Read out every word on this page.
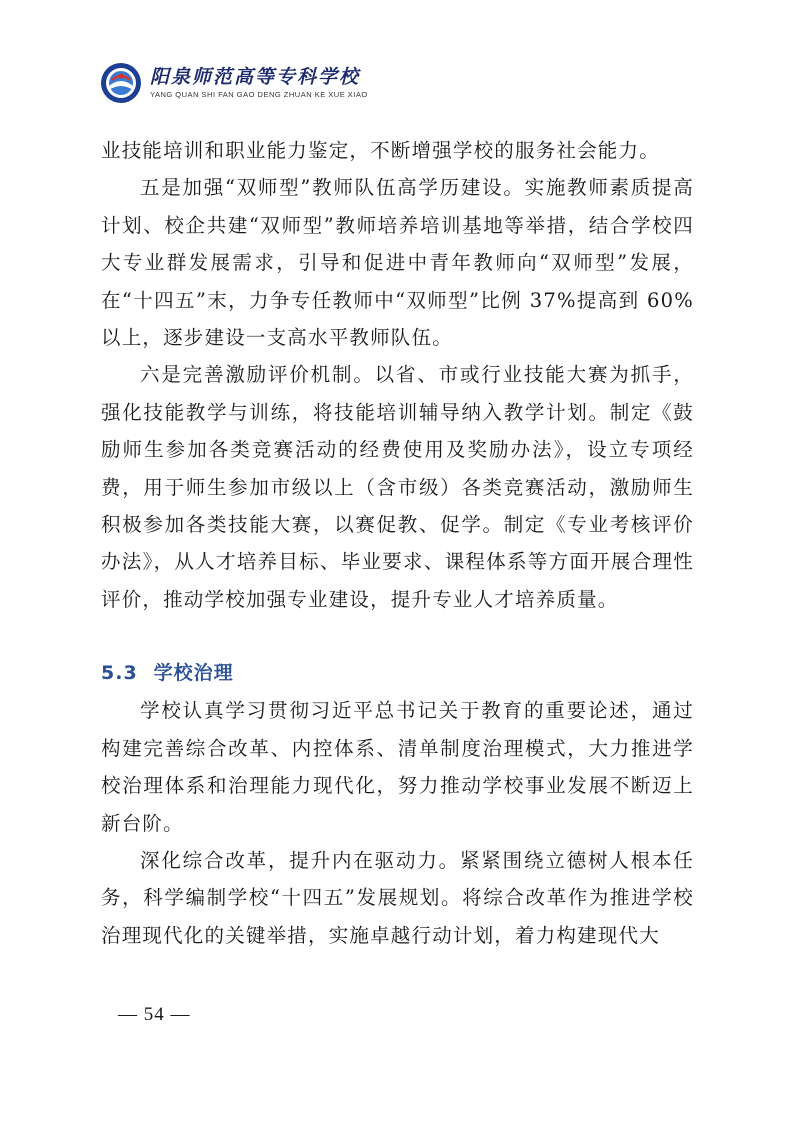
阳泉师范高等专科学校
YANG QUAN SHI FAN GAO DENG ZHUAN KE XUE XIAO

业技能培训和职业能力鉴定，不断增强学校的服务社会能力。

五是加强“双师型”教师队伍高学历建设。实施教师素质提高计划、校企共建“双师型”教师培养培训基地等举措，结合学校四大专业群发展需求，引导和促进中青年教师向“双师型”发展，在“十四五”末，力争专任教师中“双师型”比例 37%提高到 60%以上，逐步建设一支高水平教师队伍。

六是完善激励评价机制。以省、市或行业技能大赛为抓手，强化技能教学与训练，将技能培训辅导纳入教学计划。制定《鼓励师生参加各类竞赛活动的经费使用及奖励办法》，设立专项经费，用于师生参加市级以上（含市级）各类竞赛活动，激励师生积极参加各类技能大赛，以赛促教、促学。制定《专业考核评价办法》，从人才培养目标、毕业要求、课程体系等方面开展合理性评价，推动学校加强专业建设，提升专业人才培养质量。

5.3 学校治理

学校认真学习贯彻习近平总书记关于教育的重要论述，通过构建完善综合改革、内控体系、清单制度治理模式，大力推进学校治理体系和治理能力现代化，努力推动学校事业发展不断迈上新台阶。

深化综合改革，提升内在驱动力。紧紧围绕立德树人根本任务，科学编制学校“十四五”发展规划。将综合改革作为推进学校治理现代化的关键举措，实施卓越行动计划，着力构建现代大

— 54 —
